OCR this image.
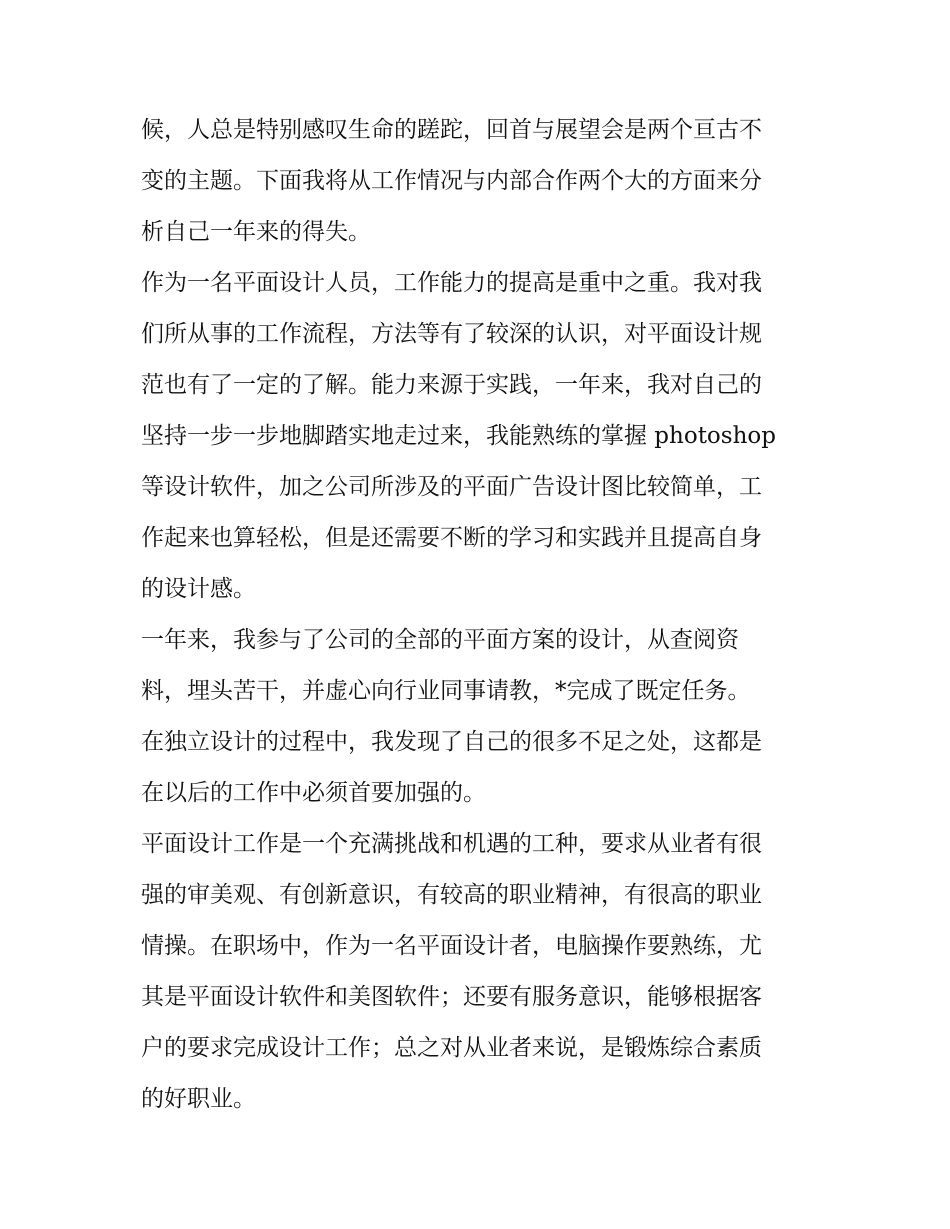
候，人总是特别感叹生命的蹉跎，回首与展望会是两个亘古不
变的主题。下面我将从工作情况与内部合作两个大的方面来分
析自己一年来的得失。
作为一名平面设计人员，工作能力的提高是重中之重。我对我
们所从事的工作流程，方法等有了较深的认识，对平面设计规
范也有了一定的了解。能力来源于实践，一年来，我对自己的
坚持一步一步地脚踏实地走过来，我能熟练的掌握 photoshop
等设计软件，加之公司所涉及的平面广告设计图比较简单，工
作起来也算轻松，但是还需要不断的学习和实践并且提高自身
的设计感。
一年来，我参与了公司的全部的平面方案的设计，从查阅资
料，埋头苦干，并虚心向行业同事请教，*完成了既定任务。
在独立设计的过程中，我发现了自己的很多不足之处，这都是
在以后的工作中必须首要加强的。
平面设计工作是一个充满挑战和机遇的工种，要求从业者有很
强的审美观、有创新意识，有较高的职业精神，有很高的职业
情操。在职场中，作为一名平面设计者，电脑操作要熟练，尤
其是平面设计软件和美图软件；还要有服务意识，能够根据客
户的要求完成设计工作；总之对从业者来说，是锻炼综合素质
的好职业。
